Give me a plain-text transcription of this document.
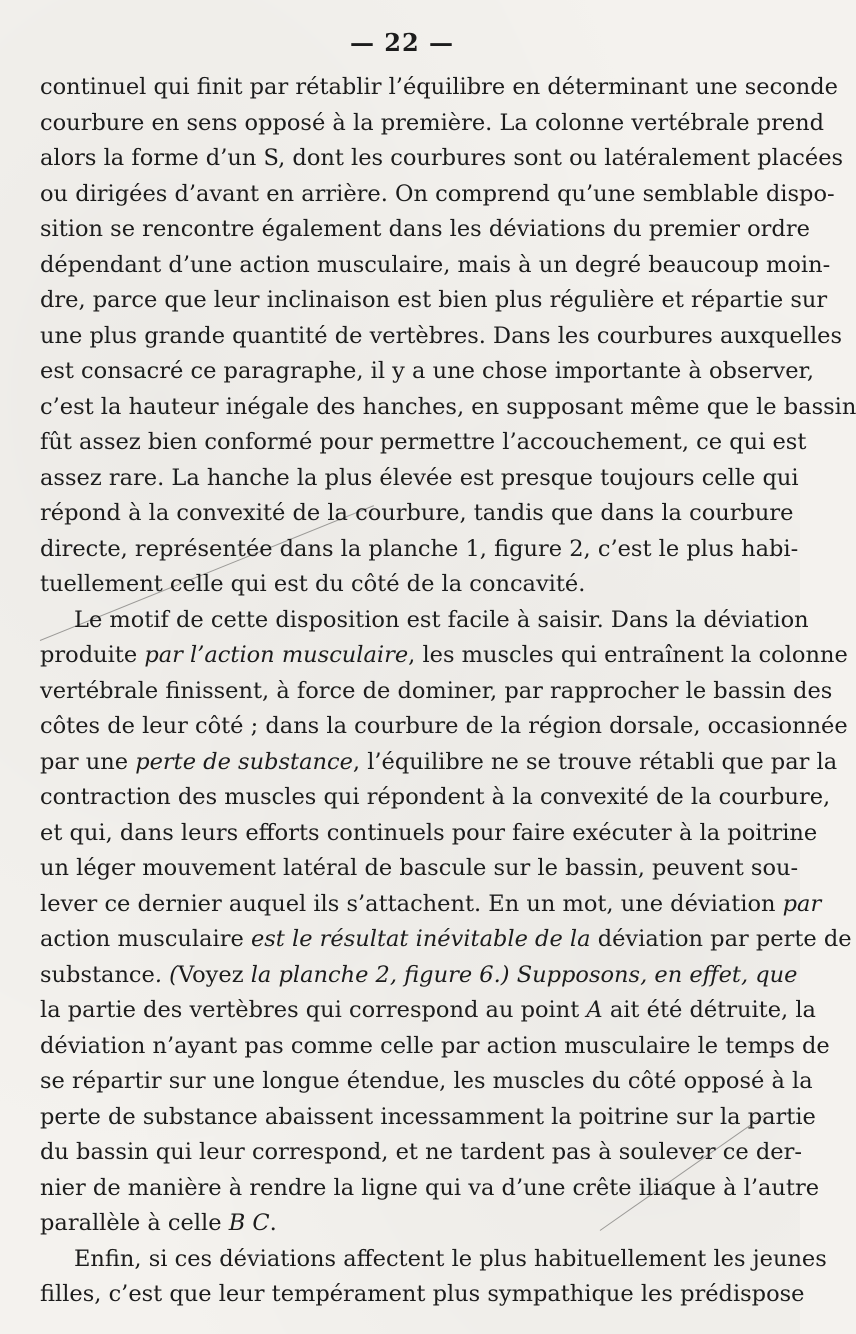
— 22 —
continuel qui finit par rétablir l’équilibre en déterminant une seconde
courbure en sens opposé à la première. La colonne vertébrale prend
alors la forme d’un S, dont les courbures sont ou latéralement placées
ou dirigées d’avant en arrière. On comprend qu’une semblable dispo-
sition se rencontre également dans les déviations du premier ordre
dépendant d’une action musculaire, mais à un degré beaucoup moin-
dre, parce que leur inclinaison est bien plus régulière et répartie sur
une plus grande quantité de vertèbres. Dans les courbures auxquelles
est consacré ce paragraphe, il y a une chose importante à observer,
c’est la hauteur inégale des hanches, en supposant même que le bassin
fût assez bien conformé pour permettre l’accouchement, ce qui est
assez rare. La hanche la plus élevée est presque toujours celle qui
répond à la convexité de la courbure, tandis que dans la courbure
directe, représentée dans la planche 1, figure 2, c’est le plus habi-
tuellement celle qui est du côté de la concavité.
Le motif de cette disposition est facile à saisir. Dans la déviation
produite par l’action musculaire, les muscles qui entraînent la colonne
vertébrale finissent, à force de dominer, par rapprocher le bassin des
côtes de leur côté ; dans la courbure de la région dorsale, occasionnée
par une perte de substance, l’équilibre ne se trouve rétabli que par la
contraction des muscles qui répondent à la convexité de la courbure,
et qui, dans leurs efforts continuels pour faire exécuter à la poitrine
un léger mouvement latéral de bascule sur le bassin, peuvent sou-
lever ce dernier auquel ils s’attachent. En un mot, une déviation par
action musculaire est le résultat inévitable de la déviation par perte de
substance. (Voyez la planche 2, figure 6.) Supposons, en effet, que
la partie des vertèbres qui correspond au point A ait été détruite, la
déviation n’ayant pas comme celle par action musculaire le temps de
se répartir sur une longue étendue, les muscles du côté opposé à la
perte de substance abaissent incessamment la poitrine sur la partie
du bassin qui leur correspond, et ne tardent pas à soulever ce der-
nier de manière à rendre la ligne qui va d’une crête iliaque à l’autre
parallèle à celle B C.
Enfin, si ces déviations affectent le plus habituellement les jeunes
filles, c’est que leur tempérament plus sympathique les prédispose
